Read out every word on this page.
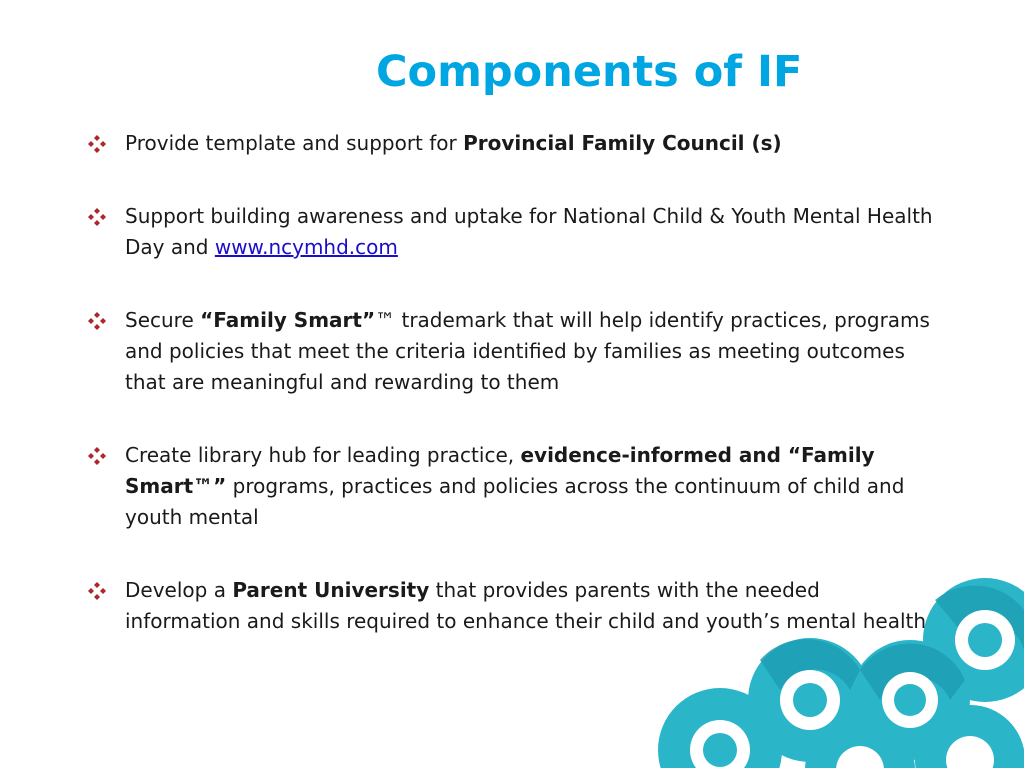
Components of IF
Provide template and support for Provincial Family Council (s)
Support building awareness and uptake for National Child & Youth Mental Health Day and www.ncymhd.com
Secure “Family Smart”™ trademark that will help identify practices, programs and policies that meet the criteria identified by families as meeting outcomes that are meaningful and rewarding to them
Create library hub for leading practice, evidence-informed and “Family Smart™” programs, practices and policies across the continuum of child and youth mental
Develop a Parent University that provides parents with the needed information and skills required to enhance their child and youth’s mental health
